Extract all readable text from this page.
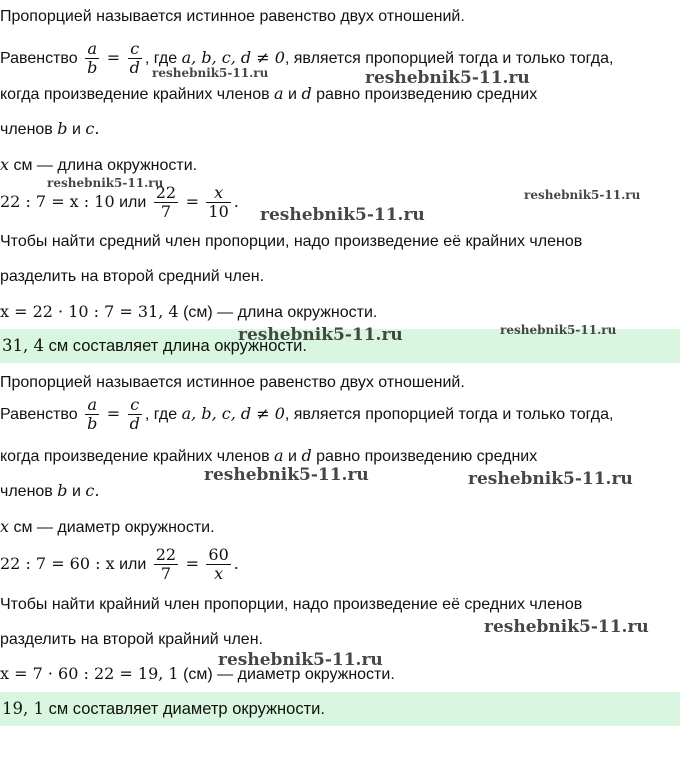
Пропорцией называется истинное равенство двух отношений.
Равенство $\frac{a}{b} = \frac{c}{d}$ , где a, b, c, d ≠ 0, является пропорцией тогда и только тогда,
когда произведение крайних членов a и d равно произведению средних
членов b и c.
x см — длина окружности.
22 : 7 = x : 10 или $\frac{22}{7} = \frac{x}{10}$ .
Чтобы найти средний член пропорции, надо произведение её крайних членов
разделить на второй средний член.
x = 22 · 10 : 7 = 31, 4 (см) — длина окружности.
31, 4 см составляет длина окружности.
Пропорцией называется истинное равенство двух отношений.
Равенство $\frac{a}{b} = \frac{c}{d}$ , где a, b, c, d ≠ 0, является пропорцией тогда и только тогда,
когда произведение крайних членов a и d равно произведению средних
членов b и c.
x см — диаметр окружности.
22 : 7 = 60 : x или $\frac{22}{7} = \frac{60}{x}$ .
Чтобы найти крайний член пропорции, надо произведение её средних членов
разделить на второй крайний член.
x = 7 · 60 : 22 = 19, 1 (см) — диаметр окружности.
19, 1 см составляет диаметр окружности.
reshebnik5-11.ru	reshebnik5-11.ru
reshebnik5-11.ru
reshebnik5-11.ru
reshebnik5-11.ru
reshebnik5-11.ru	reshebnik5-11.ru
reshebnik5-11.ru	reshebnik5-11.ru
reshebnik5-11.ru
reshebnik5-11.ru
